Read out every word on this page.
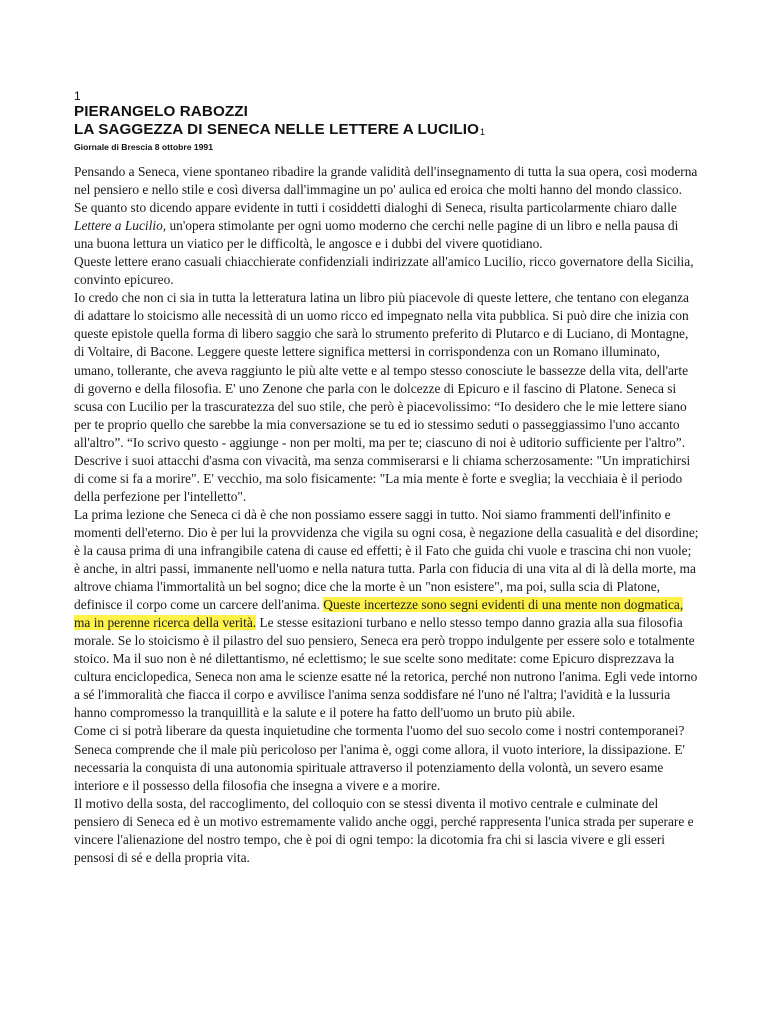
1
PIERANGELO RABOZZI
LA SAGGEZZA DI SENECA NELLE LETTERE A LUCILIO$^1$
Giornale di Brescia 8 ottobre 1991

Pensando a Seneca, viene spontaneo ribadire la grande validità dell'insegnamento di tutta la sua opera, così moderna nel pensiero e nello stile e così diversa dall'immagine un po' aulica ed eroica che molti hanno del mondo classico.

Se quanto sto dicendo appare evidente in tutti i cosiddetti dialoghi di Seneca, risulta particolarmente chiaro dalle Lettere a Lucilio, un'opera stimolante per ogni uomo moderno che cerchi nelle pagine di un libro e nella pausa di una buona lettura un viatico per le difficoltà, le angosce e i dubbi del vivere quotidiano.

Queste lettere erano casuali chiacchierate confidenziali indirizzate all'amico Lucilio, ricco governatore della Sicilia, convinto epicureo.

Io credo che non ci sia in tutta la letteratura latina un libro più piacevole di queste lettere, che tentano con eleganza di adattare lo stoicismo alle necessità di un uomo ricco ed impegnato nella vita pubblica. Si può dire che inizia con queste epistole quella forma di libero saggio che sarà lo strumento preferito di Plutarco e di Luciano, di Montagne, di Voltaire, di Bacone. Leggere queste lettere significa mettersi in corrispondenza con un Romano illuminato, umano, tollerante, che aveva raggiunto le più alte vette e al tempo stesso conosciute le bassezze della vita, dell'arte di governo e della filosofia. E' uno Zenone che parla con le dolcezze di Epicuro e il fascino di Platone. Seneca si scusa con Lucilio per la trascuratezza del suo stile, che però è piacevolissimo: “Io desidero che le mie lettere siano per te proprio quello che sarebbe la mia conversazione se tu ed io stessimo seduti o passeggiassimo l'uno accanto all'altro”. “Io scrivo questo - aggiunge - non per molti, ma per te; ciascuno di noi è uditorio sufficiente per l'altro”. Descrive i suoi attacchi d'asma con vivacità, ma senza commiserarsi e li chiama scherzosamente: "Un impratichirsi di come si fa a morire". E' vecchio, ma solo fisicamente: "La mia mente è forte e sveglia; la vecchiaia è il periodo della perfezione per l'intelletto".

La prima lezione che Seneca ci dà è che non possiamo essere saggi in tutto. Noi siamo frammenti dell'infinito e momenti dell'eterno. Dio è per lui la provvidenza che vigila su ogni cosa, è negazione della casualità e del disordine; è la causa prima di una infrangibile catena di cause ed effetti; è il Fato che guida chi vuole e trascina chi non vuole; è anche, in altri passi, immanente nell'uomo e nella natura tutta. Parla con fiducia di una vita al di là della morte, ma altrove chiama l'immortalità un bel sogno; dice che la morte è un "non esistere", ma poi, sulla scia di Platone, definisce il corpo come un carcere dell'anima. Queste incertezze sono segni evidenti di una mente non dogmatica, ma in perenne ricerca della verità. Le stesse esitazioni turbano e nello stesso tempo danno grazia alla sua filosofia morale. Se lo stoicismo è il pilastro del suo pensiero, Seneca era però troppo indulgente per essere solo e totalmente stoico. Ma il suo non è né dilettantismo, né eclettismo; le sue scelte sono meditate: come Epicuro disprezzava la cultura enciclopedica, Seneca non ama le scienze esatte né la retorica, perché non nutrono l'anima. Egli vede intorno a sé l'immoralità che fiacca il corpo e avvilisce l'anima senza soddisfare né l'uno né l'altra; l'avidità e la lussuria hanno compromesso la tranquillità e la salute e il potere ha fatto dell'uomo un bruto più abile.

Come ci si potrà liberare da questa inquietudine che tormenta l'uomo del suo secolo come i nostri contemporanei? Seneca comprende che il male più pericoloso per l'anima è, oggi come allora, il vuoto interiore, la dissipazione. E' necessaria la conquista di una autonomia spirituale attraverso il potenziamento della volontà, un severo esame interiore e il possesso della filosofia che insegna a vivere e a morire.

Il motivo della sosta, del raccoglimento, del colloquio con se stessi diventa il motivo centrale e culminate del pensiero di Seneca ed è un motivo estremamente valido anche oggi, perché rappresenta l'unica strada per superare e vincere l'alienazione del nostro tempo, che è poi di ogni tempo: la dicotomia fra chi si lascia vivere e gli esseri pensosi di sé e della propria vita.
